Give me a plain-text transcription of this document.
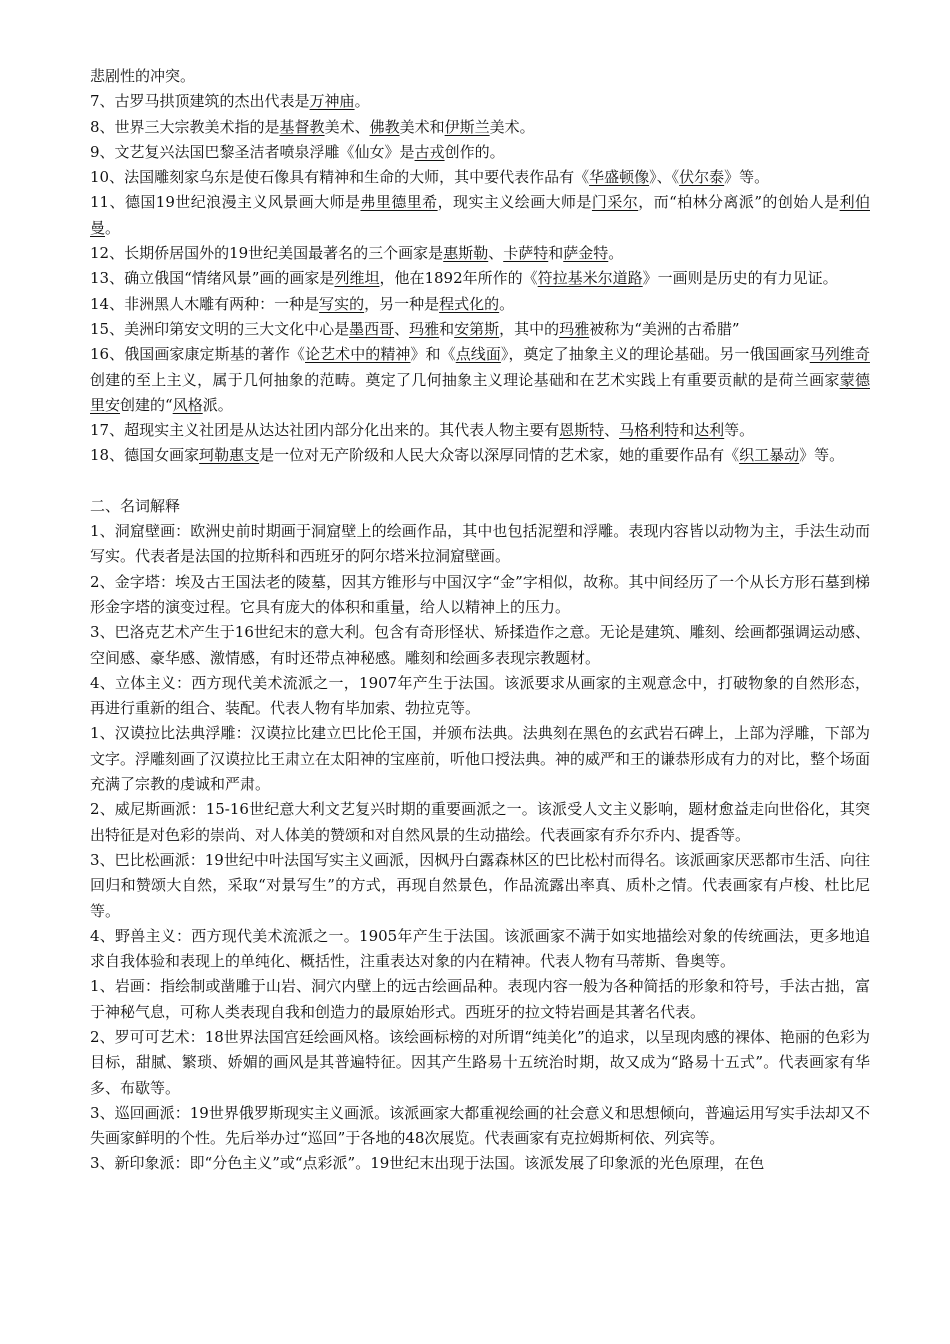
悲剧性的冲突。

7、古罗马拱顶建筑的杰出代表是万神庙。

8、世界三大宗教美术指的是基督教美术、佛教美术和伊斯兰美术。

9、文艺复兴法国巴黎圣洁者喷泉浮雕《仙女》是古戎创作的。

10、法国雕刻家乌东是使石像具有精神和生命的大师，其中要代表作品有《华盛顿像》、《伏尔泰》等。

11、德国19世纪浪漫主义风景画大师是弗里德里希，现实主义绘画大师是门采尔，而“柏林分离派”的创始人是利伯曼。

12、长期侨居国外的19世纪美国最著名的三个画家是惠斯勒、卡萨特和萨金特。

13、确立俄国“情绪风景”画的画家是列维坦，他在1892年所作的《符拉基米尔道路》一画则是历史的有力见证。

14、非洲黑人木雕有两种：一种是写实的，另一种是程式化的。

15、美洲印第安文明的三大文化中心是墨西哥、玛雅和安第斯，其中的玛雅被称为“美洲的古希腊”

16、俄国画家康定斯基的著作《论艺术中的精神》和《点线面》，奠定了抽象主义的理论基础。另一俄国画家马列维奇创建的至上主义，属于几何抽象的范畴。奠定了几何抽象主义理论基础和在艺术实践上有重要贡献的是荷兰画家蒙德里安创建的“风格派。

17、超现实主义社团是从达达社团内部分化出来的。其代表人物主要有恩斯特、马格利特和达利等。

18、德国女画家珂勒惠支是一位对无产阶级和人民大众寄以深厚同情的艺术家，她的重要作品有《织工暴动》等。

二、名词解释

1、洞窟壁画：欧洲史前时期画于洞窟壁上的绘画作品，其中也包括泥塑和浮雕。表现内容皆以动物为主，手法生动而写实。代表者是法国的拉斯科和西班牙的阿尔塔米拉洞窟壁画。

2、金字塔：埃及古王国法老的陵墓，因其方锥形与中国汉字“金”字相似，故称。其中间经历了一个从长方形石墓到梯形金字塔的演变过程。它具有庞大的体积和重量，给人以精神上的压力。

3、巴洛克艺术产生于16世纪末的意大利。包含有奇形怪状、矫揉造作之意。无论是建筑、雕刻、绘画都强调运动感、空间感、豪华感、激情感，有时还带点神秘感。雕刻和绘画多表现宗教题材。

4、立体主义：西方现代美术流派之一，1907年产生于法国。该派要求从画家的主观意念中，打破物象的自然形态，再进行重新的组合、装配。代表人物有毕加索、勃拉克等。

1、汉谟拉比法典浮雕：汉谟拉比建立巴比伦王国，并颁布法典。法典刻在黑色的玄武岩石碑上，上部为浮雕，下部为文字。浮雕刻画了汉谟拉比王肃立在太阳神的宝座前，听他口授法典。神的威严和王的谦恭形成有力的对比，整个场面充满了宗教的虔诚和严肃。

2、威尼斯画派：15-16世纪意大利文艺复兴时期的重要画派之一。该派受人文主义影响，题材愈益走向世俗化，其突出特征是对色彩的崇尚、对人体美的赞颂和对自然风景的生动描绘。代表画家有乔尔乔内、提香等。

3、巴比松画派：19世纪中叶法国写实主义画派，因枫丹白露森林区的巴比松村而得名。该派画家厌恶都市生活、向往回归和赞颂大自然，采取“对景写生”的方式，再现自然景色，作品流露出率真、质朴之情。代表画家有卢梭、杜比尼等。

4、野兽主义：西方现代美术流派之一。1905年产生于法国。该派画家不满于如实地描绘对象的传统画法，更多地追求自我体验和表现上的单纯化、概括性，注重表达对象的内在精神。代表人物有马蒂斯、鲁奥等。

1、岩画：指绘制或凿雕于山岩、洞穴内壁上的远古绘画品种。表现内容一般为各种简括的形象和符号，手法古拙，富于神秘气息，可称人类表现自我和创造力的最原始形式。西班牙的拉文特岩画是其著名代表。

2、罗可可艺术：18世界法国宫廷绘画风格。该绘画标榜的对所谓“纯美化”的追求，以呈现肉感的裸体、艳丽的色彩为目标，甜腻、繁琐、娇媚的画风是其普遍特征。因其产生路易十五统治时期，故又成为“路易十五式”。代表画家有华多、布歇等。

3、巡回画派：19世界俄罗斯现实主义画派。该派画家大都重视绘画的社会意义和思想倾向，普遍运用写实手法却又不失画家鲜明的个性。先后举办过“巡回”于各地的48次展览。代表画家有克拉姆斯柯依、列宾等。

3、新印象派：即“分色主义”或“点彩派”。19世纪末出现于法国。该派发展了印象派的光色原理，在色
